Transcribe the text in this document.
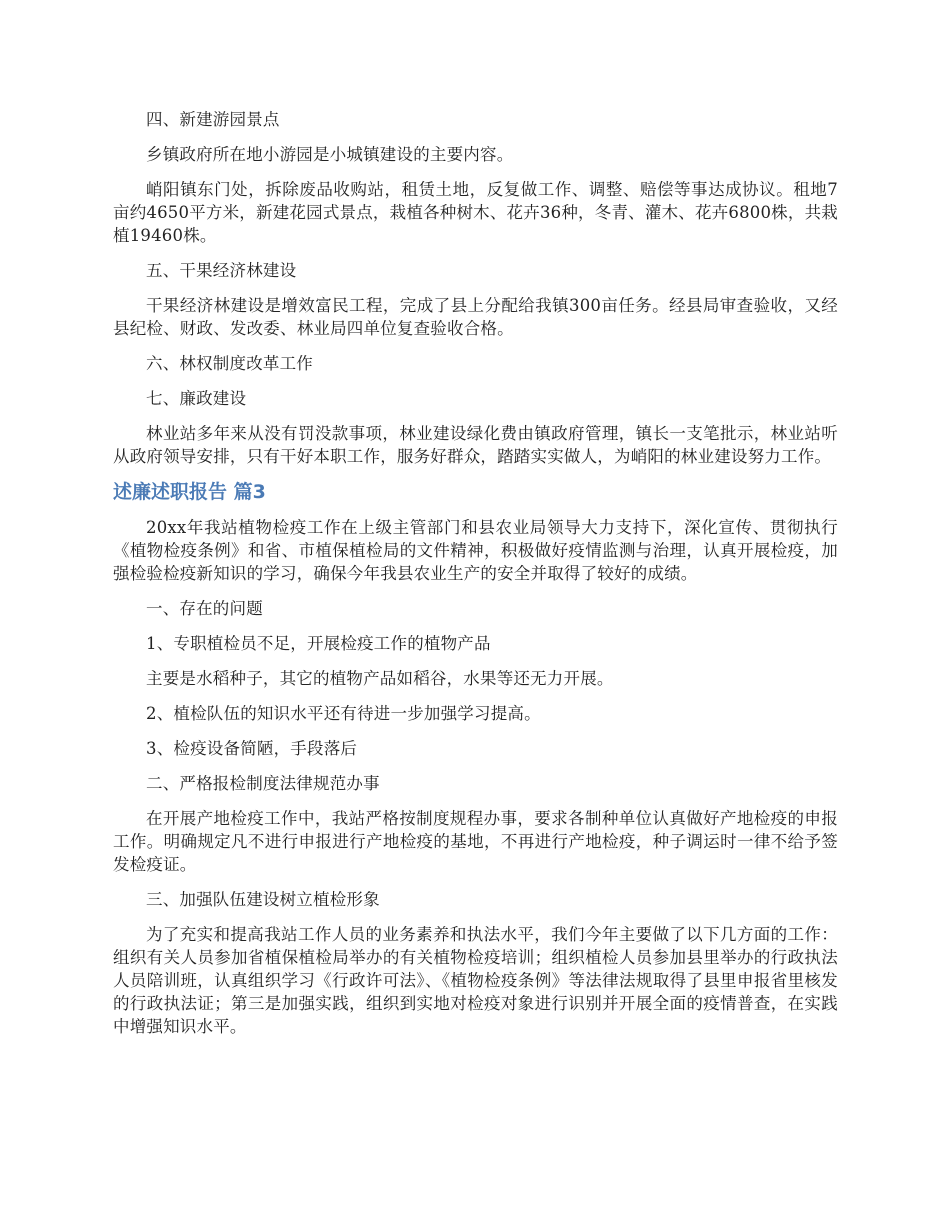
四、新建游园景点

乡镇政府所在地小游园是小城镇建设的主要内容。

峭阳镇东门处，拆除废品收购站，租赁土地，反复做工作、调整、赔偿等事达成协议。租地7亩约4650平方米，新建花园式景点，栽植各种树木、花卉36种，冬青、灌木、花卉6800株，共栽植19460株。

五、干果经济林建设

干果经济林建设是增效富民工程，完成了县上分配给我镇300亩任务。经县局审查验收，又经县纪检、财政、发改委、林业局四单位复查验收合格。

六、林权制度改革工作

七、廉政建设

林业站多年来从没有罚没款事项，林业建设绿化费由镇政府管理，镇长一支笔批示，林业站听从政府领导安排，只有干好本职工作，服务好群众，踏踏实实做人，为峭阳的林业建设努力工作。

述廉述职报告 篇3

20xx年我站植物检疫工作在上级主管部门和县农业局领导大力支持下，深化宣传、贯彻执行《植物检疫条例》和省、市植保植检局的文件精神，积极做好疫情监测与治理，认真开展检疫，加强检验检疫新知识的学习，确保今年我县农业生产的安全并取得了较好的成绩。

一、存在的问题

1、专职植检员不足，开展检疫工作的植物产品

主要是水稻种子，其它的植物产品如稻谷，水果等还无力开展。

2、植检队伍的知识水平还有待进一步加强学习提高。

3、检疫设备简陋，手段落后

二、严格报检制度法律规范办事

在开展产地检疫工作中，我站严格按制度规程办事，要求各制种单位认真做好产地检疫的申报工作。明确规定凡不进行申报进行产地检疫的基地，不再进行产地检疫，种子调运时一律不给予签发检疫证。

三、加强队伍建设树立植检形象

为了充实和提高我站工作人员的业务素养和执法水平，我们今年主要做了以下几方面的工作：组织有关人员参加省植保植检局举办的有关植物检疫培训；组织植检人员参加县里举办的行政执法人员陪训班，认真组织学习《行政许可法》、《植物检疫条例》等法律法规取得了县里申报省里核发的行政执法证；第三是加强实践，组织到实地对检疫对象进行识别并开展全面的疫情普查，在实践中增强知识水平。
